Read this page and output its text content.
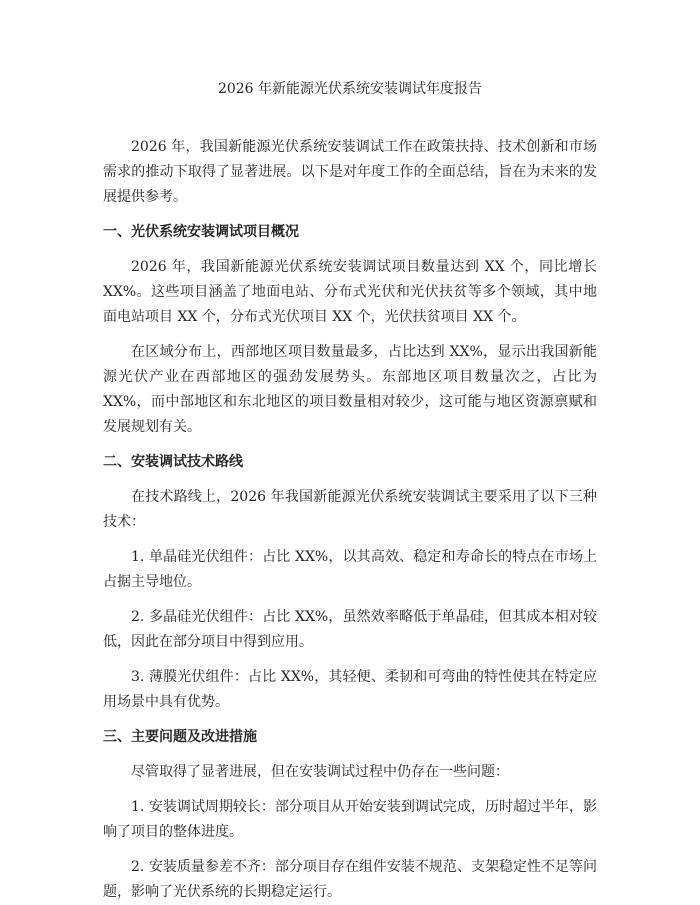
2026 年新能源光伏系统安装调试年度报告

2026 年，我国新能源光伏系统安装调试工作在政策扶持、技术创新和市场需求的推动下取得了显著进展。以下是对年度工作的全面总结，旨在为未来的发展提供参考。

一、光伏系统安装调试项目概况

2026 年，我国新能源光伏系统安装调试项目数量达到 XX 个，同比增长 XX%。这些项目涵盖了地面电站、分布式光伏和光伏扶贫等多个领域，其中地面电站项目 XX 个，分布式光伏项目 XX 个，光伏扶贫项目 XX 个。

在区域分布上，西部地区项目数量最多，占比达到 XX%，显示出我国新能源光伏产业在西部地区的强劲发展势头。东部地区项目数量次之，占比为 XX%，而中部地区和东北地区的项目数量相对较少，这可能与地区资源禀赋和发展规划有关。

二、安装调试技术路线

在技术路线上，2026 年我国新能源光伏系统安装调试主要采用了以下三种技术：

1. 单晶硅光伏组件：占比 XX%，以其高效、稳定和寿命长的特点在市场上占据主导地位。

2. 多晶硅光伏组件：占比 XX%，虽然效率略低于单晶硅，但其成本相对较低，因此在部分项目中得到应用。

3. 薄膜光伏组件：占比 XX%，其轻便、柔韧和可弯曲的特性使其在特定应用场景中具有优势。

三、主要问题及改进措施

尽管取得了显著进展，但在安装调试过程中仍存在一些问题：

1. 安装调试周期较长：部分项目从开始安装到调试完成，历时超过半年，影响了项目的整体进度。

2. 安装质量参差不齐：部分项目存在组件安装不规范、支架稳定性不足等问题，影响了光伏系统的长期稳定运行。
